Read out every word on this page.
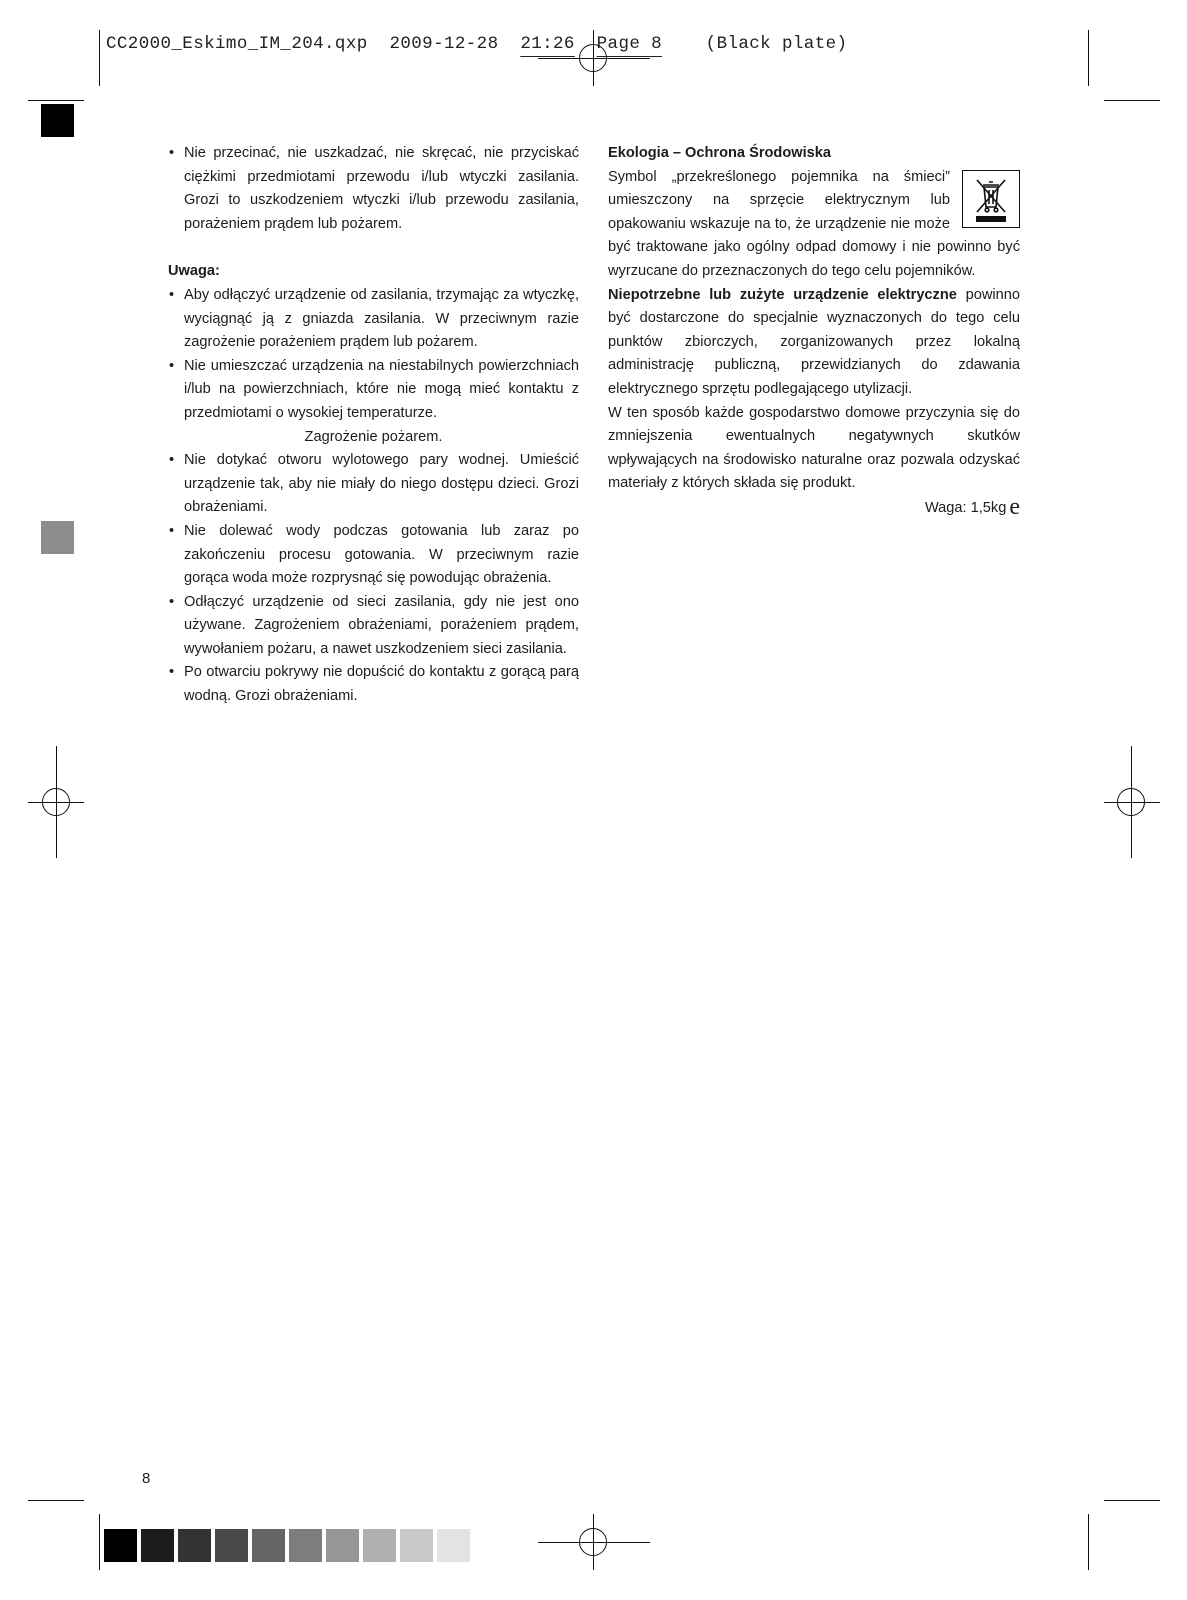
CC2000_Eskimo_IM_204.qxp 2009-12-28 21:26 Page 8 (Black plate)

• Nie przecinać, nie uszkadzać, nie skręcać, nie przyciskać ciężkimi przedmiotami przewodu i/lub wtyczki zasilania. Grozi to uszkodzeniem wtyczki i/lub przewodu zasilania, porażeniem prądem lub pożarem.

Uwaga:

• Aby odłączyć urządzenie od zasilania, trzymając za wtyczkę, wyciągnąć ją z gniazda zasilania. W przeciwnym razie zagrożenie porażeniem prądem lub pożarem.

• Nie umieszczać urządzenia na niestabilnych powierzchniach i/lub na powierzchniach, które nie mogą mieć kontaktu z przedmiotami o wysokiej temperaturze.

Zagrożenie pożarem.

• Nie dotykać otworu wylotowego pary wodnej. Umieścić urządzenie tak, aby nie miały do niego dostępu dzieci. Grozi obrażeniami.

• Nie dolewać wody podczas gotowania lub zaraz po zakończeniu procesu gotowania. W przeciwnym razie gorąca woda może rozprysnąć się powodując obrażenia.

• Odłączyć urządzenie od sieci zasilania, gdy nie jest ono używane. Zagrożeniem obrażeniami, porażeniem prądem, wywołaniem pożaru, a nawet uszkodzeniem sieci zasilania.

• Po otwarciu pokrywy nie dopuścić do kontaktu z gorącą parą wodną. Grozi obrażeniami.

Ekologia – Ochrona Środowiska

Symbol „przekreślonego pojemnika na śmieci” umieszczony na sprzęcie elektrycznym lub opakowaniu wskazuje na to, że urządzenie nie może być traktowane jako ogólny odpad domowy i nie powinno być wyrzucane do przeznaczonych do tego celu pojemników.

Niepotrzebne lub zużyte urządzenie elektryczne powinno być dostarczone do specjalnie wyznaczonych do tego celu punktów zbiorczych, zorganizowanych przez lokalną administrację publiczną, przewidzianych do zdawania elektrycznego sprzętu podlegającego utylizacji.

W ten sposób każde gospodarstwo domowe przyczynia się do zmniejszenia ewentualnych negatywnych skutków wpływających na środowisko naturalne oraz pozwala odzyskać materiały z których składa się produkt.

Waga: 1,5kg e

8
